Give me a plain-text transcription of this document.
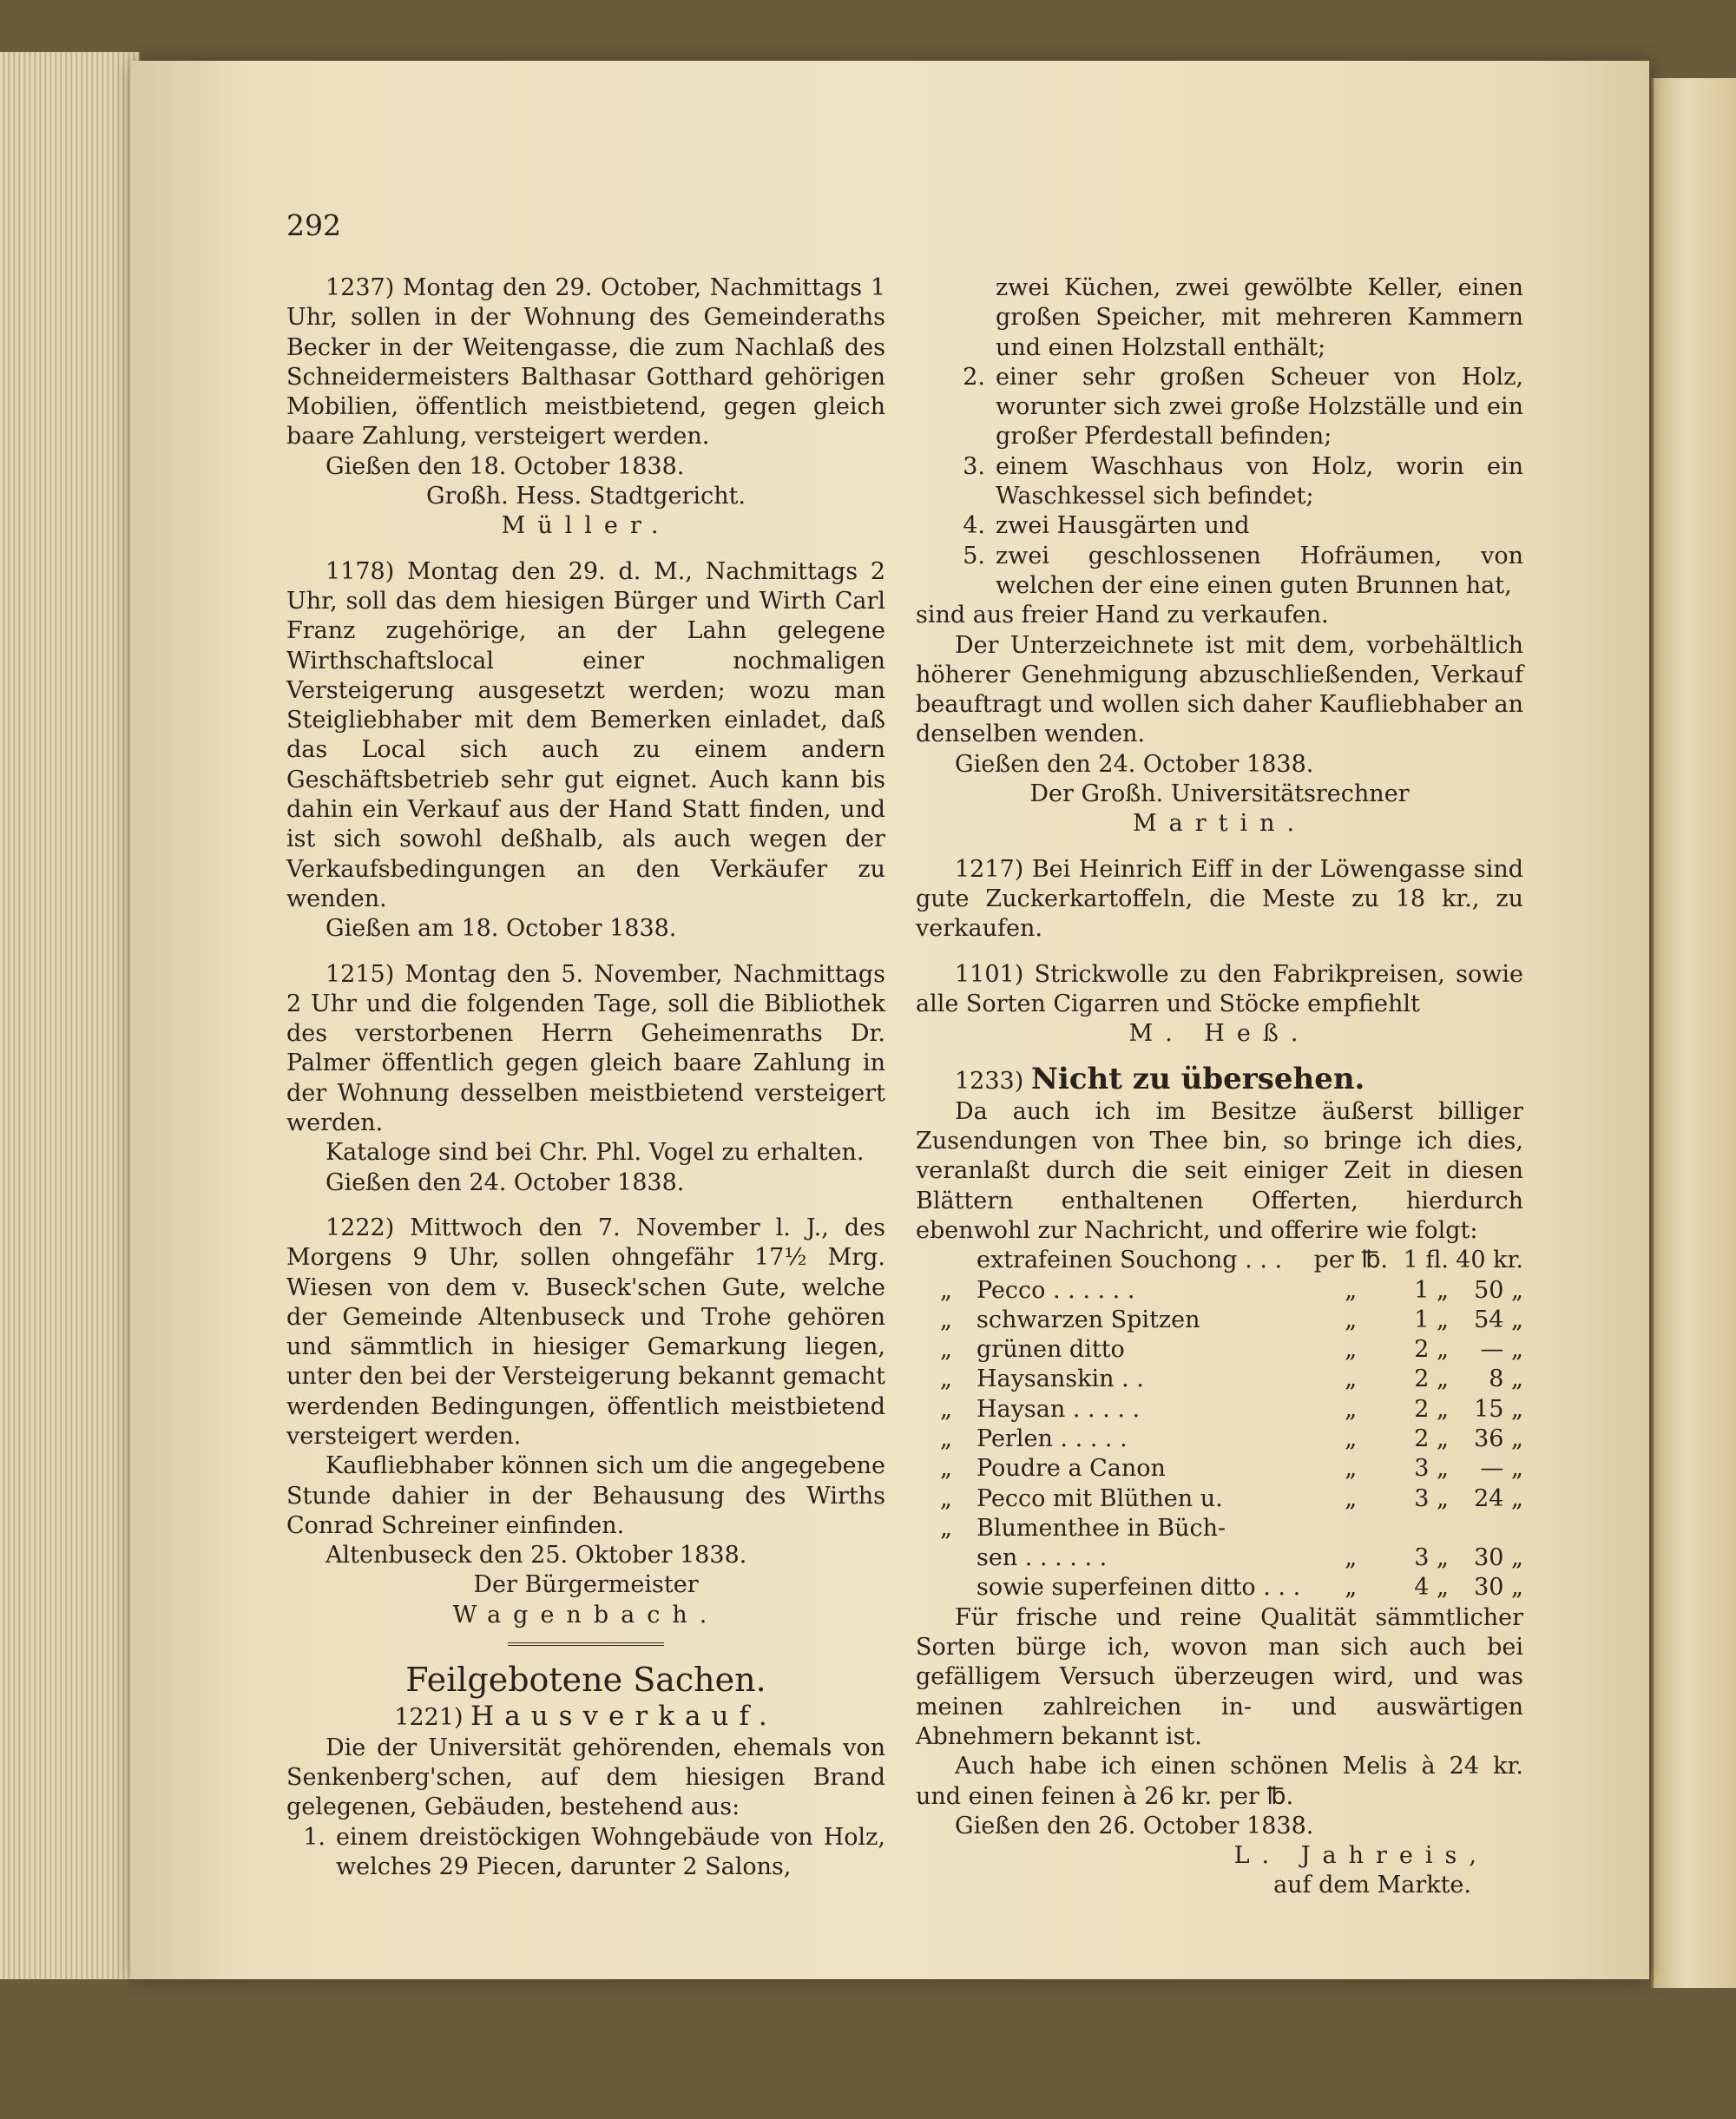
292

1237) Montag den 29. October, Nachmittags 1 Uhr, sollen in der Wohnung des Gemeinderaths Becker in der Weitengasse, die zum Nachlaß des Schneidermeisters Balthasar Gotthard gehörigen Mobilien, öffentlich meistbietend, gegen gleich baare Zahlung, versteigert werden.

Gießen den 18. October 1838.

Großh. Hess. Stadtgericht.

Müller.

1178) Montag den 29. d. M., Nachmittags 2 Uhr, soll das dem hiesigen Bürger und Wirth Carl Franz zugehörige, an der Lahn gelegene Wirthschaftslocal einer nochmaligen Versteigerung ausgesetzt werden; wozu man Steigliebhaber mit dem Bemerken einladet, daß das Local sich auch zu einem andern Geschäftsbetrieb sehr gut eignet. Auch kann bis dahin ein Verkauf aus der Hand Statt finden, und ist sich sowohl deßhalb, als auch wegen der Verkaufsbedingungen an den Verkäufer zu wenden.

Gießen am 18. October 1838.

1215) Montag den 5. November, Nachmittags 2 Uhr und die folgenden Tage, soll die Bibliothek des verstorbenen Herrn Geheimenraths Dr. Palmer öffentlich gegen gleich baare Zahlung in der Wohnung desselben meistbietend versteigert werden.

Kataloge sind bei Chr. Phl. Vogel zu erhalten.

Gießen den 24. October 1838.

1222) Mittwoch den 7. November l. J., des Morgens 9 Uhr, sollen ohngefähr 17½ Mrg. Wiesen von dem v. Buseck'schen Gute, welche der Gemeinde Altenbuseck und Trohe gehören und sämmtlich in hiesiger Gemarkung liegen, unter den bei der Versteigerung bekannt gemacht werdenden Bedingungen, öffentlich meistbietend versteigert werden.

Kaufliebhaber können sich um die angegebene Stunde dahier in der Behausung des Wirths Conrad Schreiner einfinden.

Altenbuseck den 25. Oktober 1838.

Der Bürgermeister

Wagenbach.

Feilgebotene Sachen.

1221) Hausverkauf.

Die der Universität gehörenden, ehemals von Senkenberg'schen, auf dem hiesigen Brand gelegenen, Gebäuden, bestehend aus:

1. einem dreistöckigen Wohngebäude von Holz, welches 29 Piecen, darunter 2 Salons,

zwei Küchen, zwei gewölbte Keller, einen großen Speicher, mit mehreren Kammern und einen Holzstall enthält;

2. einer sehr großen Scheuer von Holz, worunter sich zwei große Holzställe und ein großer Pferdestall befinden;
3. einem Waschhaus von Holz, worin ein Waschkessel sich befindet;
4. zwei Hausgärten und
5. zwei geschlossenen Hofräumen, von welchen der eine einen guten Brunnen hat,

sind aus freier Hand zu verkaufen.

Der Unterzeichnete ist mit dem, vorbehältlich höherer Genehmigung abzuschließenden, Verkauf beauftragt und wollen sich daher Kaufliebhaber an denselben wenden.

Gießen den 24. October 1838.

Der Großh. Universitätsrechner

Martin.

1217) Bei Heinrich Eiff in der Löwengasse sind gute Zuckerkartoffeln, die Meste zu 18 kr., zu verkaufen.

1101) Strickwolle zu den Fabrikpreisen, sowie alle Sorten Cigarren und Stöcke empfiehlt

M. Heß.

1233) Nicht zu übersehen.

Da auch ich im Besitze äußerst billiger Zusendungen von Thee bin, so bringe ich dies, veranlaßt durch die seit einiger Zeit in diesen Blättern enthaltenen Offerten, hierdurch ebenwohl zur Nachricht, und offerire wie folgt:

	extrafeinen Souchong . . .	per ℔.	1 fl.	40 kr.
„	Pecco . . . . . .	„	1 „	50 „
„	schwarzen Spitzen	„	1 „	54 „
„	grünen ditto	„	2 „	— „
„	Haysanskin . .	„	2 „	8 „
„	Haysan . . . . .	„	2 „	15 „
„	Perlen . . . . .	„	2 „	36 „
„	Poudre a Canon	„	3 „	— „
„	Pecco mit Blüthen u.	„	3 „	24 „
„	Blumenthee in Büch-			
	sen . . . . . .	„	3 „	30 „
	sowie superfeinen ditto . . .	„	4 „	30 „

Für frische und reine Qualität sämmtlicher Sorten bürge ich, wovon man sich auch bei gefälligem Versuch überzeugen wird, und was meinen zahlreichen in- und auswärtigen Abnehmern bekannt ist.

Auch habe ich einen schönen Melis à 24 kr. und einen feinen à 26 kr. per ℔.

Gießen den 26. October 1838.

L. Jahreis,

auf dem Markte.
